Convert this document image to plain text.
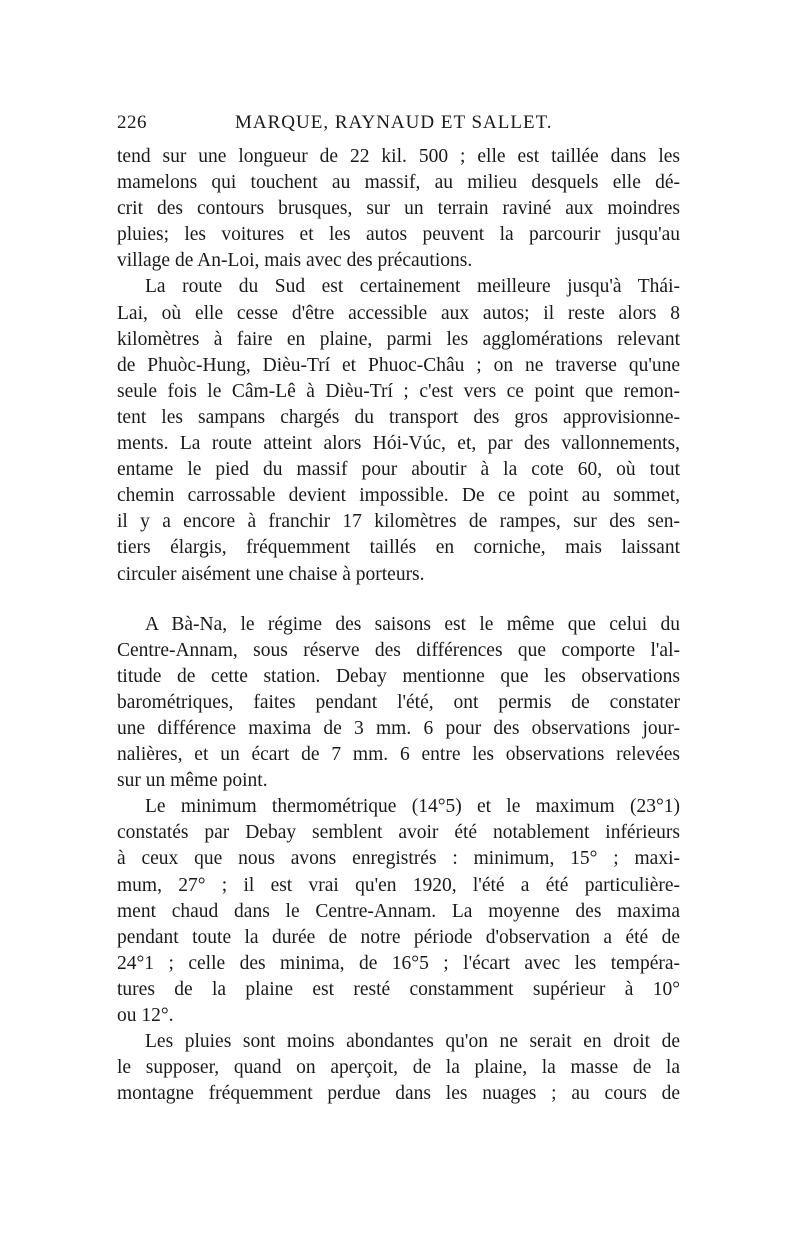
226	MARQUE, RAYNAUD ET SALLET.
tend sur une longueur de 22 kil. 500 ; elle est taillée dans les
mamelons qui touchent au massif, au milieu desquels elle dé-
crit des contours brusques, sur un terrain raviné aux moindres
pluies; les voitures et les autos peuvent la parcourir jusqu'au
village de An-Loi, mais avec des précautions.
La route du Sud est certainement meilleure jusqu'à Thái-
Lai, où elle cesse d'être accessible aux autos; il reste alors 8
kilomètres à faire en plaine, parmi les agglomérations relevant
de Phuòc-Hung, Dièu-Trí et Phuoc-Châu ; on ne traverse qu'une
seule fois le Câm-Lê à Dièu-Trí ; c'est vers ce point que remon-
tent les sampans chargés du transport des gros approvisionne-
ments. La route atteint alors Hói-Vúc, et, par des vallonnements,
entame le pied du massif pour aboutir à la cote 60, où tout
chemin carrossable devient impossible. De ce point au sommet,
il y a encore à franchir 17 kilomètres de rampes, sur des sen-
tiers élargis, fréquemment taillés en corniche, mais laissant
circuler aisément une chaise à porteurs.
A Bà-Na, le régime des saisons est le même que celui du
Centre-Annam, sous réserve des différences que comporte l'al-
titude de cette station. Debay mentionne que les observations
barométriques, faites pendant l'été, ont permis de constater
une différence maxima de 3 mm. 6 pour des observations jour-
nalières, et un écart de 7 mm. 6 entre les observations relevées
sur un même point.
Le minimum thermométrique (14°5) et le maximum (23°1)
constatés par Debay semblent avoir été notablement inférieurs
à ceux que nous avons enregistrés : minimum, 15° ; maxi-
mum, 27° ; il est vrai qu'en 1920, l'été a été particulière-
ment chaud dans le Centre-Annam. La moyenne des maxima
pendant toute la durée de notre période d'observation a été de
24°1 ; celle des minima, de 16°5 ; l'écart avec les tempéra-
tures de la plaine est resté constamment supérieur à 10°
ou 12°.
Les pluies sont moins abondantes qu'on ne serait en droit de
le supposer, quand on aperçoit, de la plaine, la masse de la
montagne fréquemment perdue dans les nuages ; au cours de
